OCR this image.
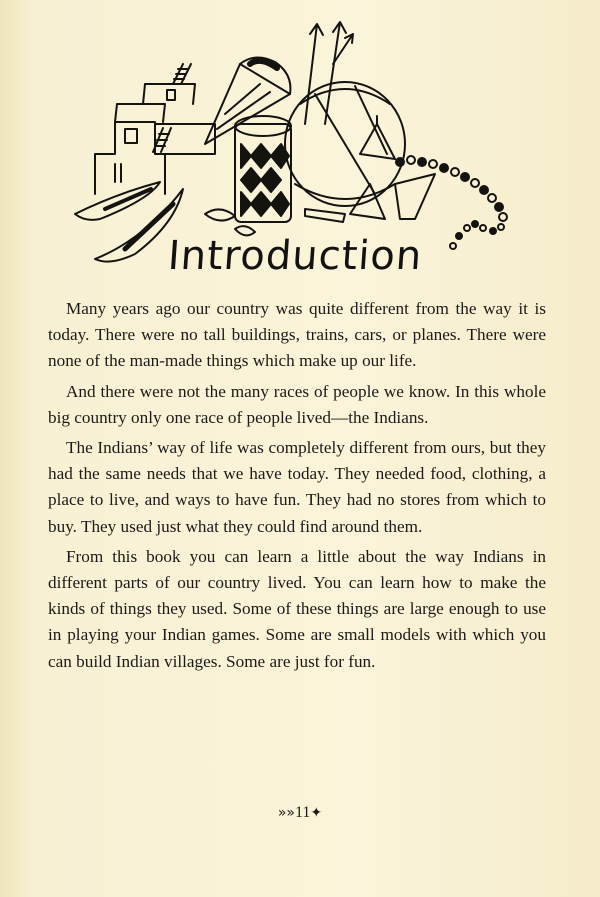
Introduction

Many years ago our country was quite different from the way it is today. There were no tall buildings, trains, cars, or planes. There were none of the man-made things which make up our life.

And there were not the many races of people we know. In this whole big country only one race of people lived—the Indians.

The Indians’ way of life was completely different from ours, but they had the same needs that we have today. They needed food, clothing, a place to live, and ways to have fun. They had no stores from which to buy. They used just what they could find around them.

From this book you can learn a little about the way Indians in different parts of our country lived. You can learn how to make the kinds of things they used. Some of these things are large enough to use in playing your Indian games. Some are small models with which you can build Indian villages. Some are just for fun.

»»11✦
